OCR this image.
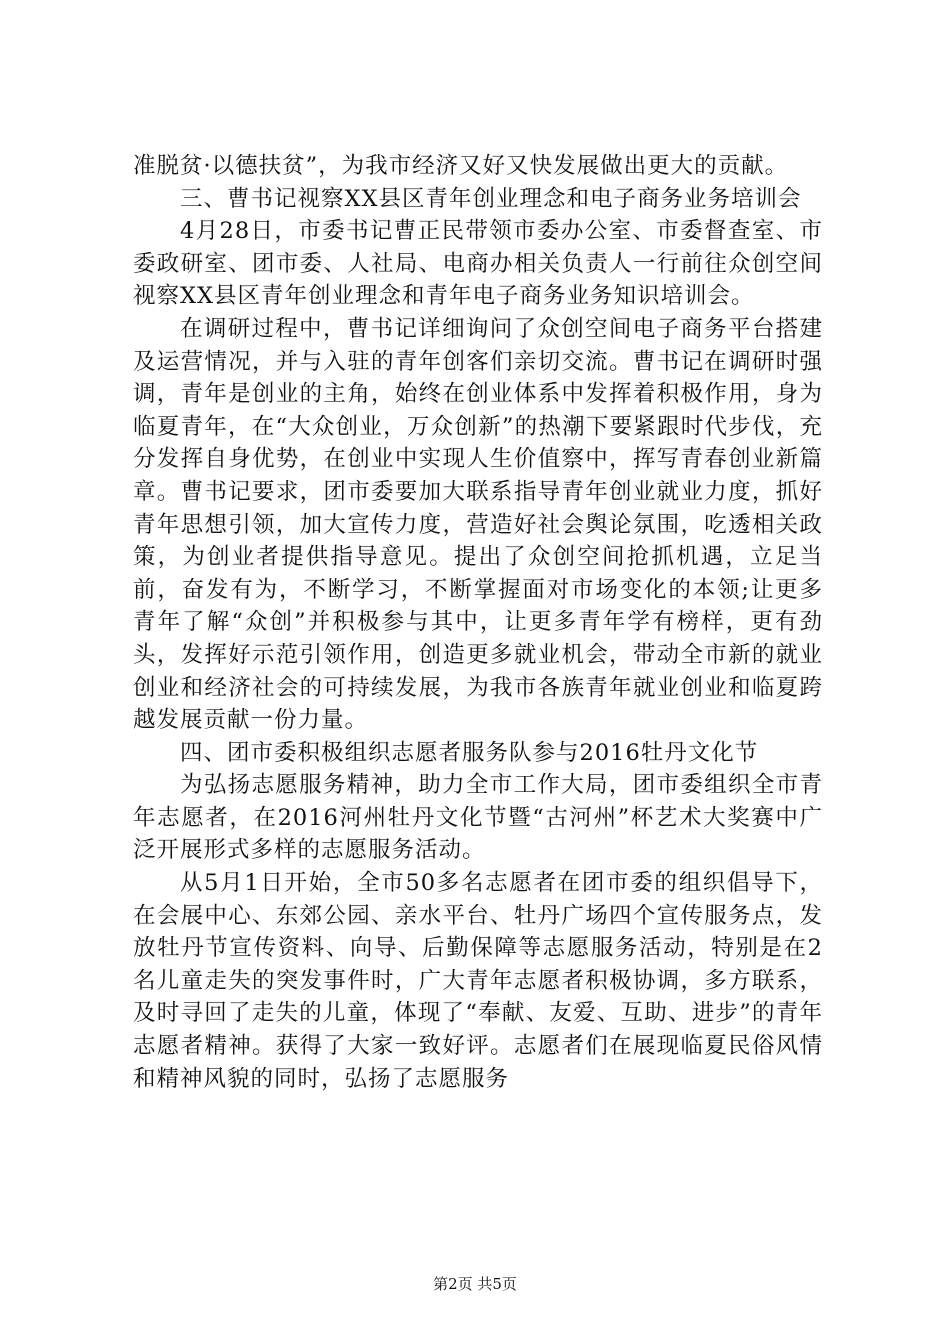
准脱贫·以德扶贫”，为我市经济又好又快发展做出更大的贡献。

三、曹书记视察XX县区青年创业理念和电子商务业务培训会

4月28日，市委书记曹正民带领市委办公室、市委督查室、市委政研室、团市委、人社局、电商办相关负责人一行前往众创空间视察XX县区青年创业理念和青年电子商务业务知识培训会。

在调研过程中，曹书记详细询问了众创空间电子商务平台搭建及运营情况，并与入驻的青年创客们亲切交流。曹书记在调研时强调，青年是创业的主角，始终在创业体系中发挥着积极作用，身为临夏青年，在“大众创业，万众创新”的热潮下要紧跟时代步伐，充分发挥自身优势，在创业中实现人生价值察中，挥写青春创业新篇章。曹书记要求，团市委要加大联系指导青年创业就业力度，抓好青年思想引领，加大宣传力度，营造好社会舆论氛围，吃透相关政策，为创业者提供指导意见。提出了众创空间抢抓机遇，立足当前，奋发有为，不断学习，不断掌握面对市场变化的本领;让更多青年了解“众创”并积极参与其中，让更多青年学有榜样，更有劲头，发挥好示范引领作用，创造更多就业机会，带动全市新的就业创业和经济社会的可持续发展，为我市各族青年就业创业和临夏跨越发展贡献一份力量。

四、团市委积极组织志愿者服务队参与2016牡丹文化节

为弘扬志愿服务精神，助力全市工作大局，团市委组织全市青年志愿者，在2016河州牡丹文化节暨“古河州”杯艺术大奖赛中广泛开展形式多样的志愿服务活动。

从5月1日开始，全市50多名志愿者在团市委的组织倡导下，在会展中心、东郊公园、亲水平台、牡丹广场四个宣传服务点，发放牡丹节宣传资料、向导、后勤保障等志愿服务活动，特别是在2名儿童走失的突发事件时，广大青年志愿者积极协调，多方联系，及时寻回了走失的儿童，体现了“奉献、友爱、互助、进步”的青年志愿者精神。获得了大家一致好评。志愿者们在展现临夏民俗风情和精神风貌的同时，弘扬了志愿服务

第2页 共5页
